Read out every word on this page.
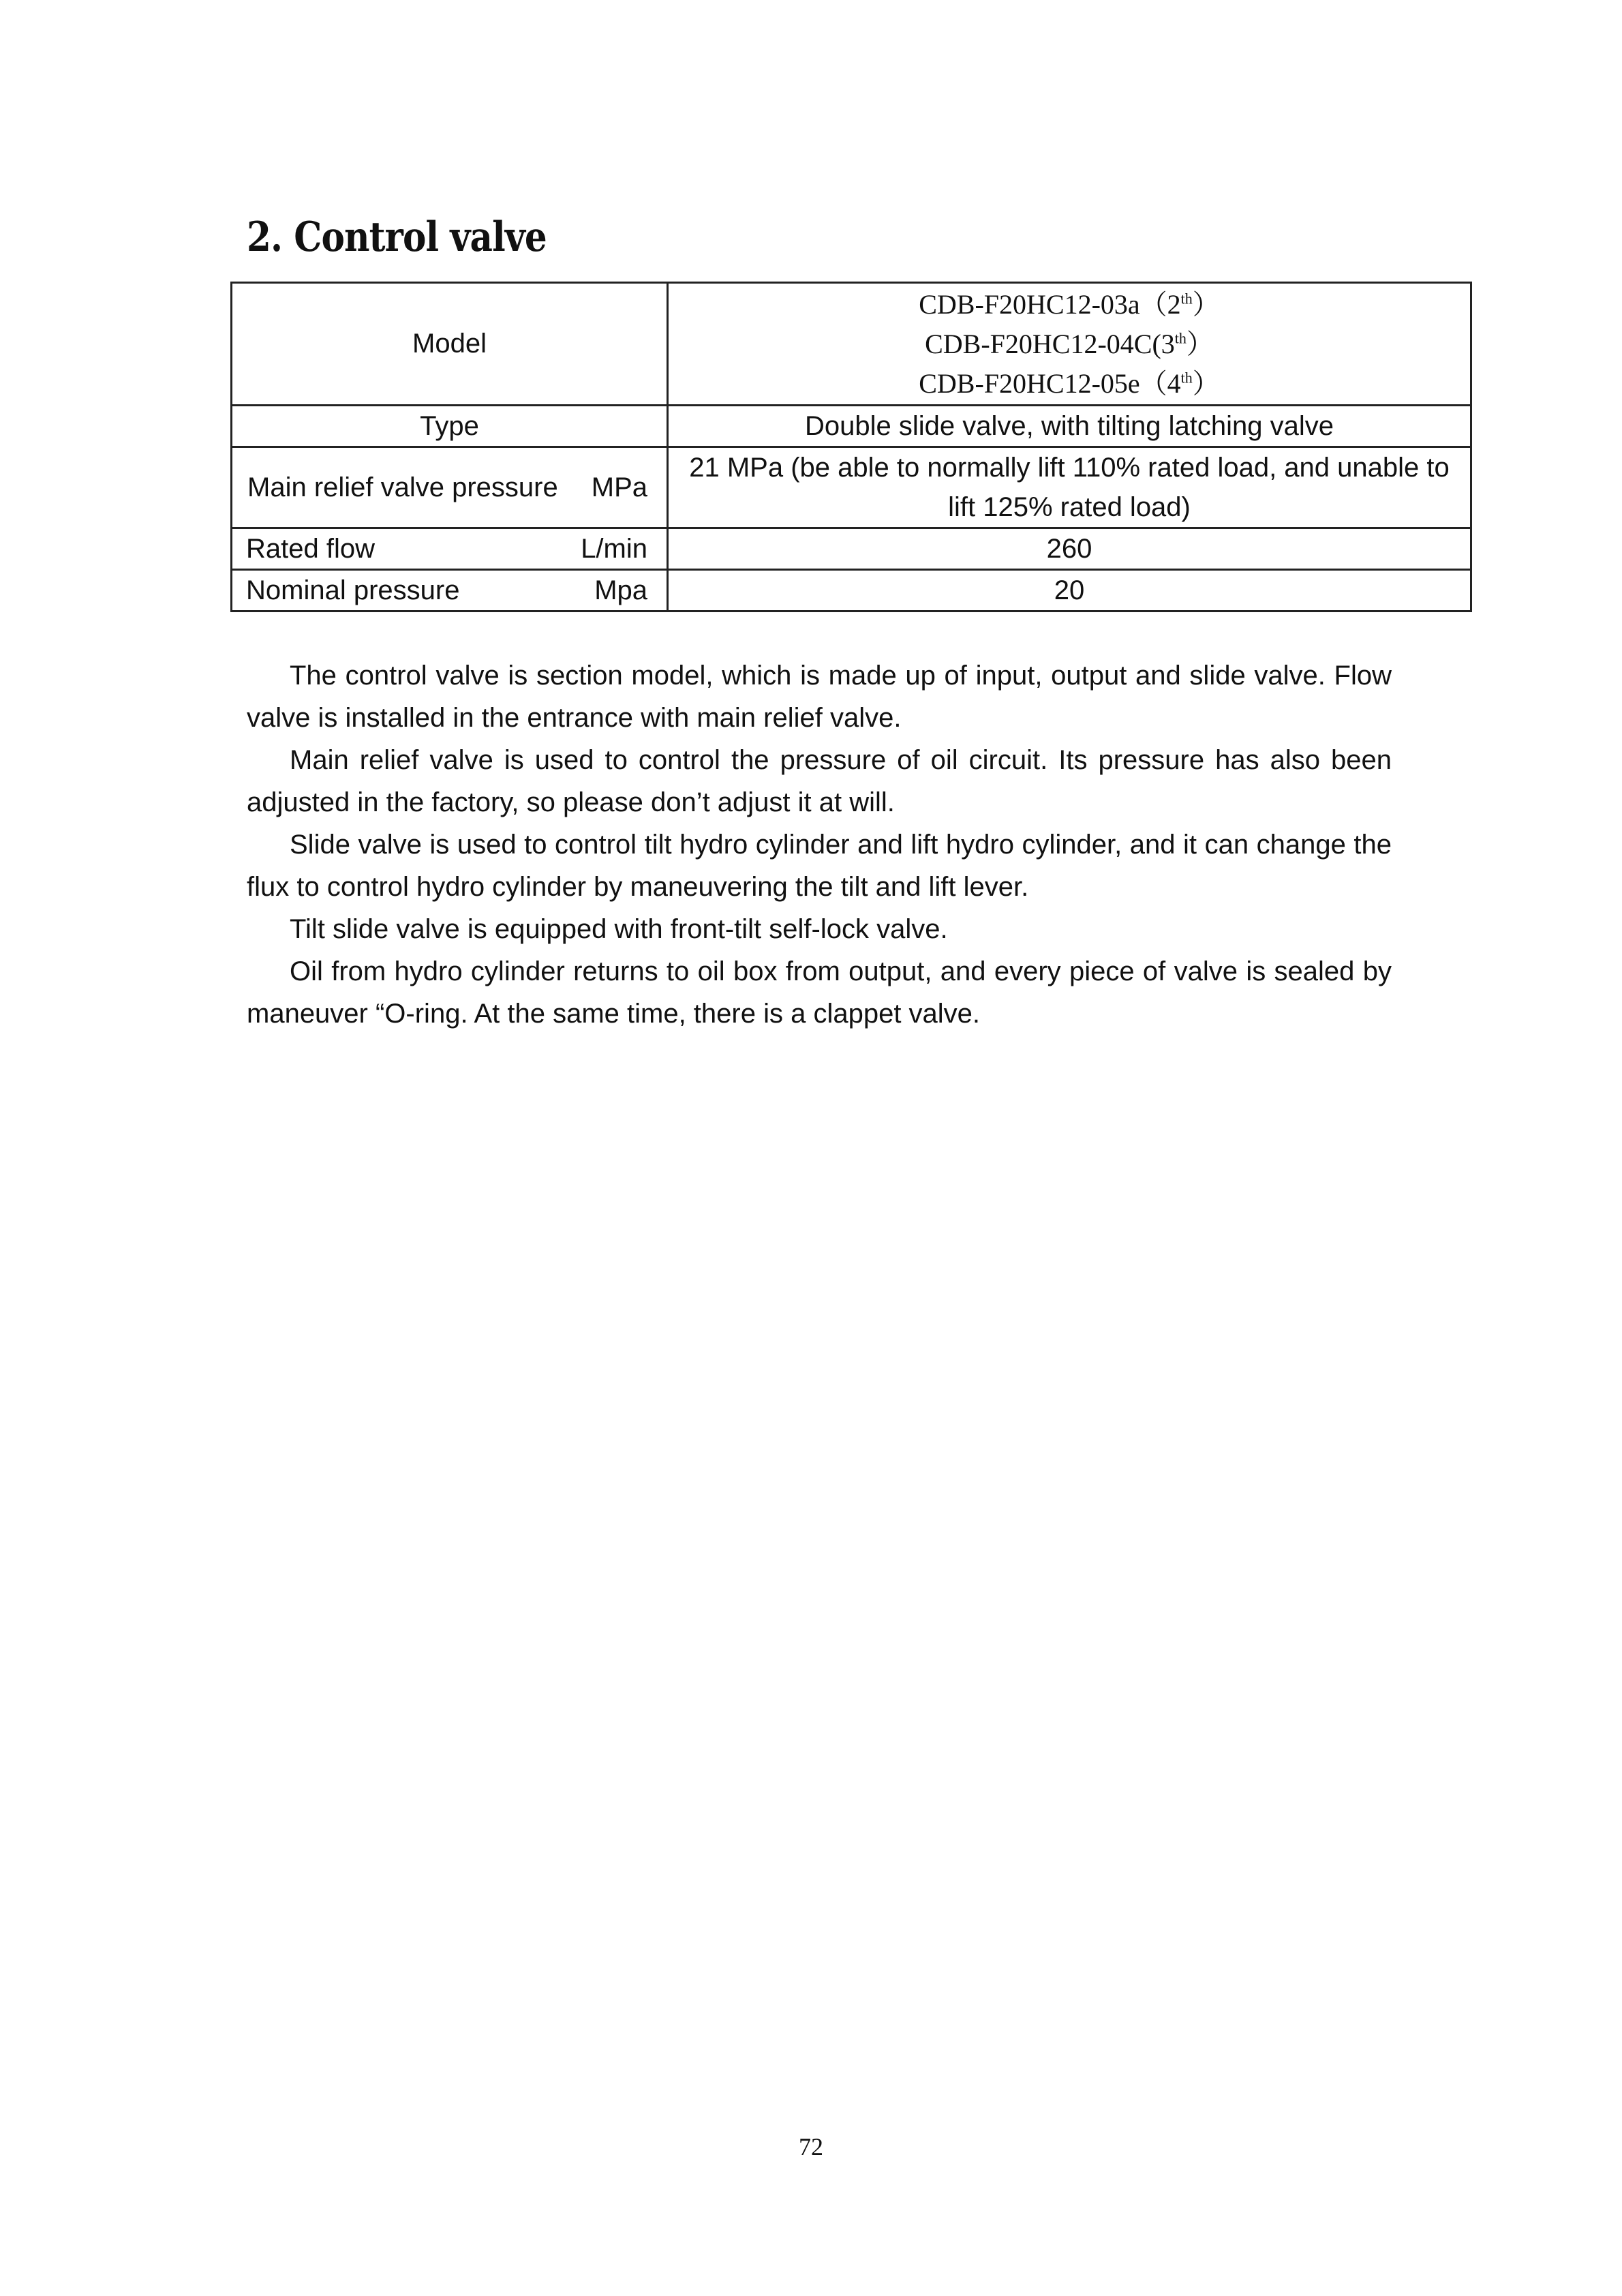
2. Control valve
Model	CDB-F20HC12-03a（2th）
CDB-F20HC12-04C(3th）
CDB-F20HC12-05e（4th）

Type	Double slide valve, with tilting latching valve

Main relief valve pressure MPa	21 MPa (be able to normally lift 110% rated load, and unable to lift 125% rated load)

Rated flow L/min	260

Nominal pressure Mpa	20

The control valve is section model, which is made up of input, output and slide valve. Flow valve is installed in the entrance with main relief valve.

Main relief valve is used to control the pressure of oil circuit. Its pressure has also been adjusted in the factory, so please don’t adjust it at will.

Slide valve is used to control tilt hydro cylinder and lift hydro cylinder, and it can change the flux to control hydro cylinder by maneuvering the tilt and lift lever.

Tilt slide valve is equipped with front-tilt self-lock valve.

Oil from hydro cylinder returns to oil box from output, and every piece of valve is sealed by maneuver “O-ring. At the same time, there is a clappet valve.

72
